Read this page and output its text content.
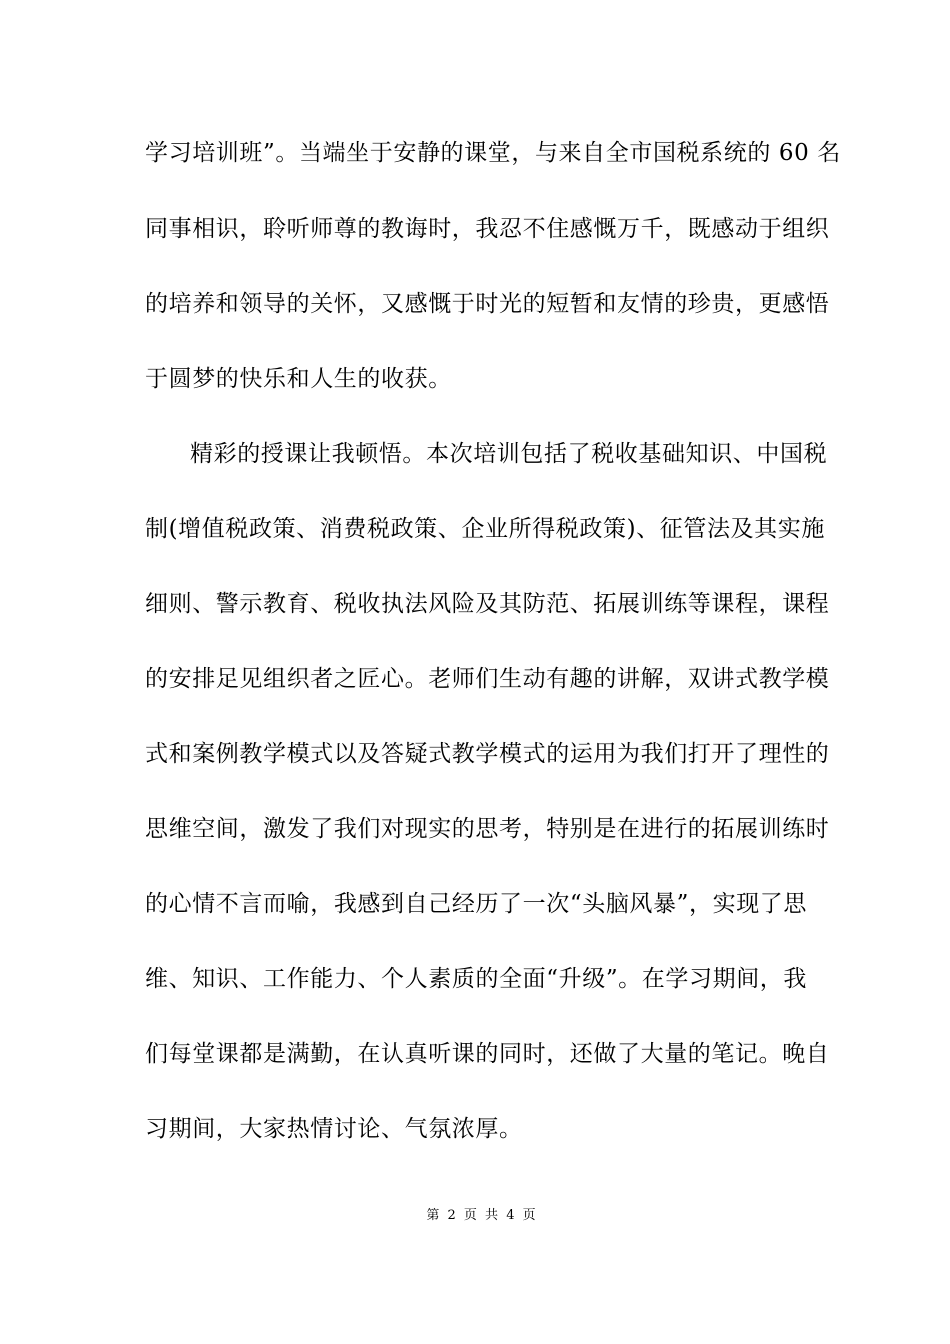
学习培训班”。当端坐于安静的课堂，与来自全市国税系统的 60 名
同事相识，聆听师尊的教诲时，我忍不住感慨万千，既感动于组织
的培养和领导的关怀，又感慨于时光的短暂和友情的珍贵，更感悟
于圆梦的快乐和人生的收获。
精彩的授课让我顿悟。本次培训包括了税收基础知识、中国税
制(增值税政策、消费税政策、企业所得税政策)、征管法及其实施
细则、警示教育、税收执法风险及其防范、拓展训练等课程，课程
的安排足见组织者之匠心。老师们生动有趣的讲解，双讲式教学模
式和案例教学模式以及答疑式教学模式的运用为我们打开了理性的
思维空间，激发了我们对现实的思考，特别是在进行的拓展训练时
的心情不言而喻，我感到自己经历了一次“头脑风暴”，实现了思
维、知识、工作能力、个人素质的全面“升级”。在学习期间，我
们每堂课都是满勤，在认真听课的同时，还做了大量的笔记。晚自
习期间，大家热情讨论、气氛浓厚。
第 2 页 共 4 页
